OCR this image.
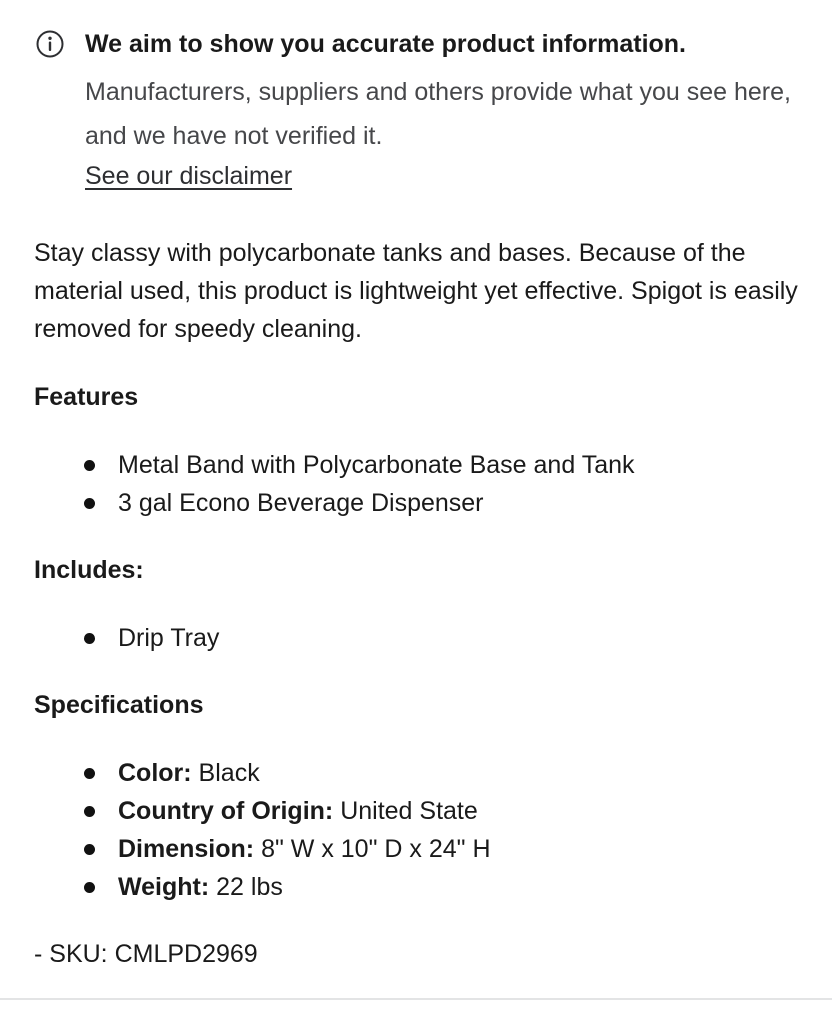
We aim to show you accurate product information.
Manufacturers, suppliers and others provide what you see here, and we have not verified it.
See our disclaimer

Stay classy with polycarbonate tanks and bases. Because of the material used, this product is lightweight yet effective. Spigot is easily removed for speedy cleaning.

Features
Metal Band with Polycarbonate Base and Tank
3 gal Econo Beverage Dispenser
Includes:
Drip Tray
Specifications
Color: Black
Country of Origin: United State
Dimension: 8" W x 10" D x 24" H
Weight: 22 lbs
- SKU: CMLPD2969
